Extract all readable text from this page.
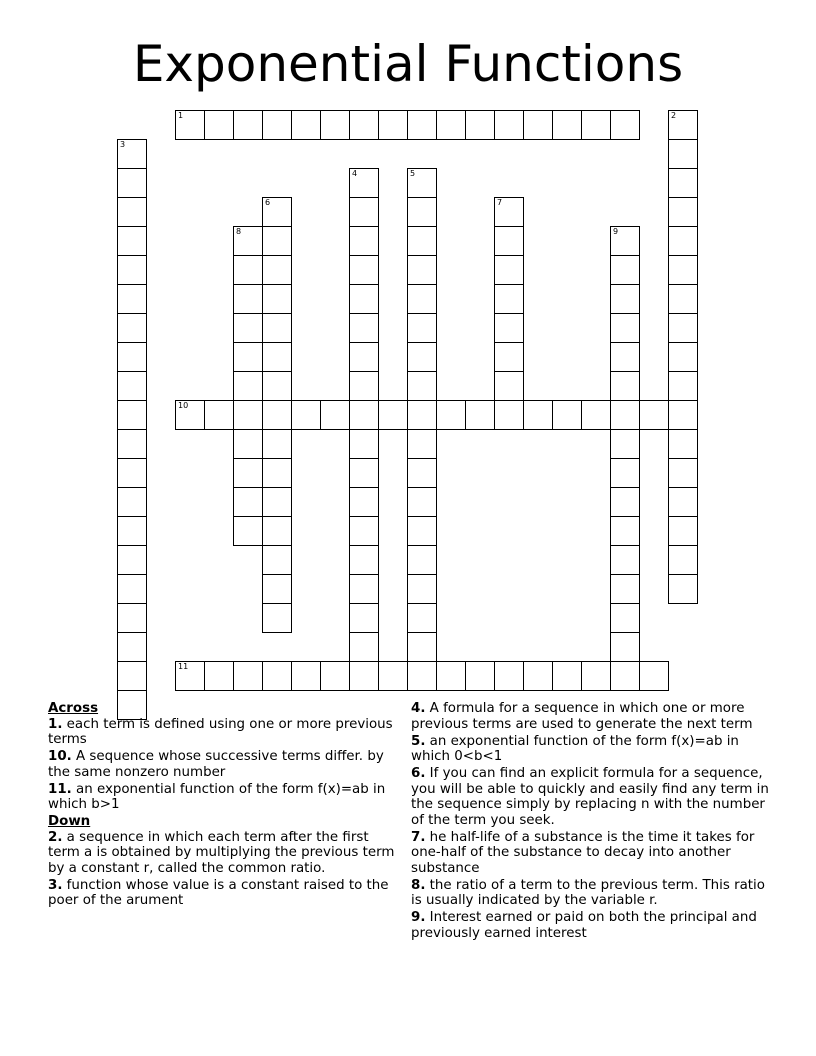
Exponential Functions
1	2
3
4	5
6	7
8	9
10
11
Across
1. each term is defined using one or more previous terms
10. A sequence whose successive terms differ. by the same nonzero number
11. an exponential function of the form f(x)=ab in which b>1
Down
2. a sequence in which each term after the first term a is obtained by multiplying the previous term by a constant r, called the common ratio.
3. function whose value is a constant raised to the poer of the arument
4. A formula for a sequence in which one or more previous terms are used to generate the next term
5. an exponential function of the form f(x)=ab in which 0<b<1
6. If you can find an explicit formula for a sequence, you will be able to quickly and easily find any term in the sequence simply by replacing n with the number of the term you seek.
7. he half-life of a substance is the time it takes for one-half of the substance to decay into another substance
8. the ratio of a term to the previous term. This ratio is usually indicated by the variable r.
9. Interest earned or paid on both the principal and previously earned interest
